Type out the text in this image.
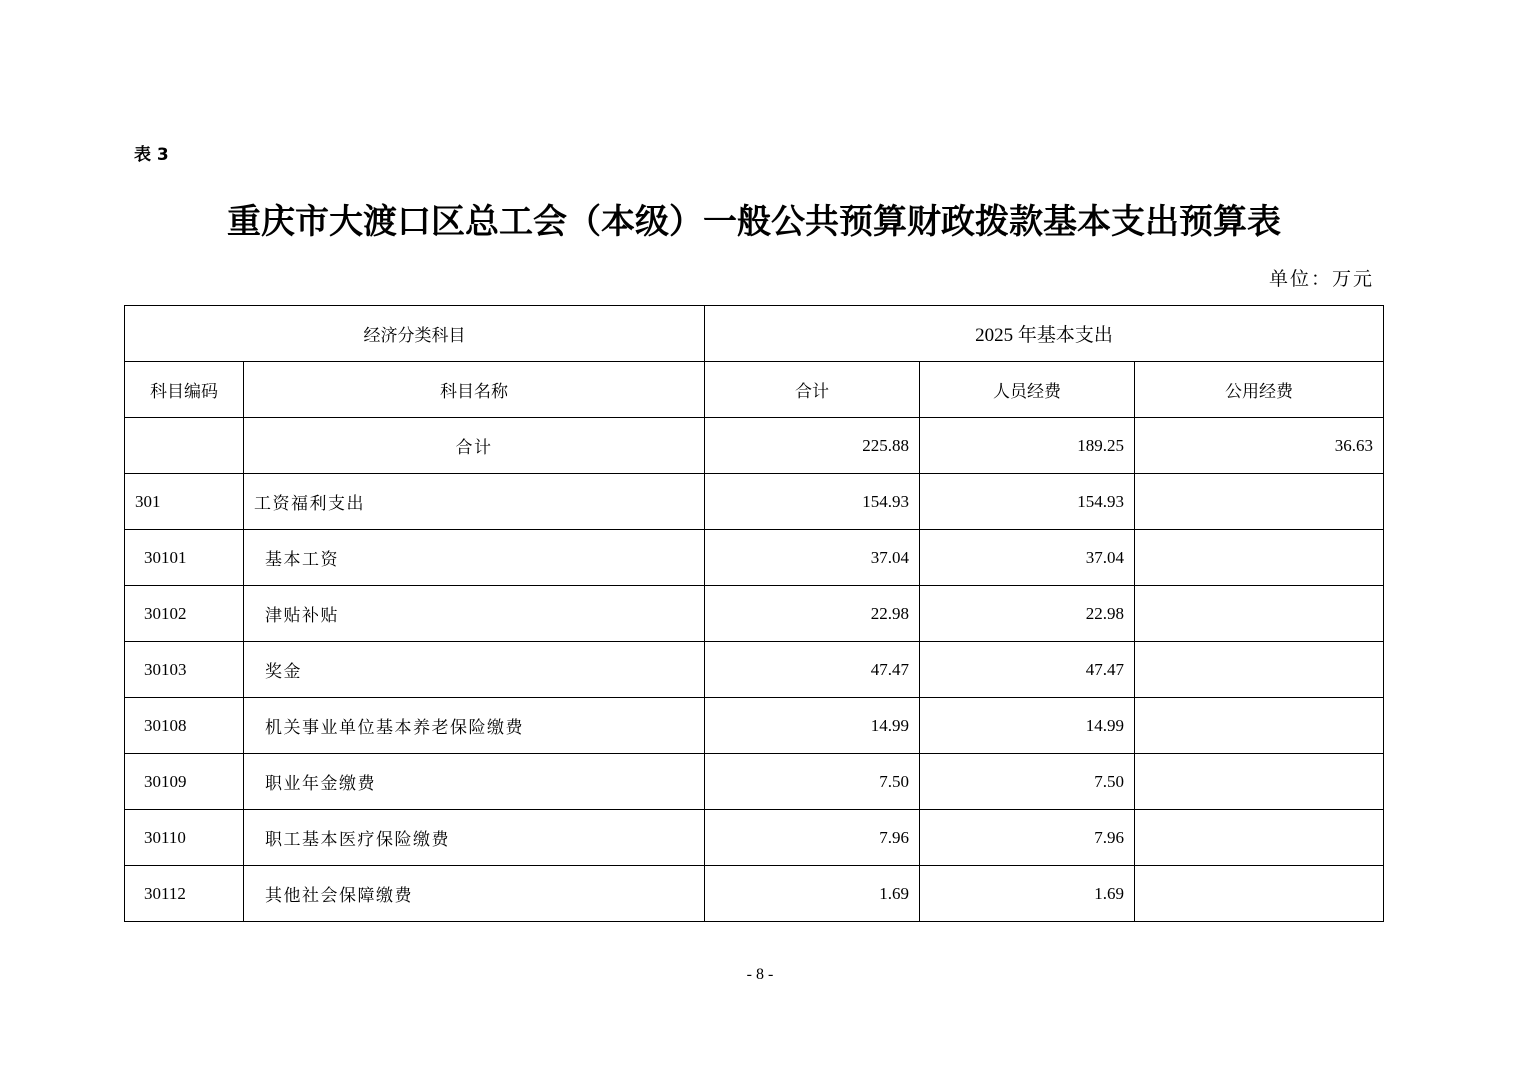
表 3
重庆市大渡口区总工会（本级）一般公共预算财政拨款基本支出预算表
单位：万元
经济分类科目		2025 年基本支出		
科目编码	科目名称	合计	人员经费	公用经费
	合计	225.88	189.25	36.63
301	工资福利支出	154.93	154.93	
30101	基本工资	37.04	37.04	
30102	津贴补贴	22.98	22.98	
30103	奖金	47.47	47.47	
30108	机关事业单位基本养老保险缴费	14.99	14.99	
30109	职业年金缴费	7.50	7.50	
30110	职工基本医疗保险缴费	7.96	7.96	
30112	其他社会保障缴费	1.69	1.69	
- 8 -
